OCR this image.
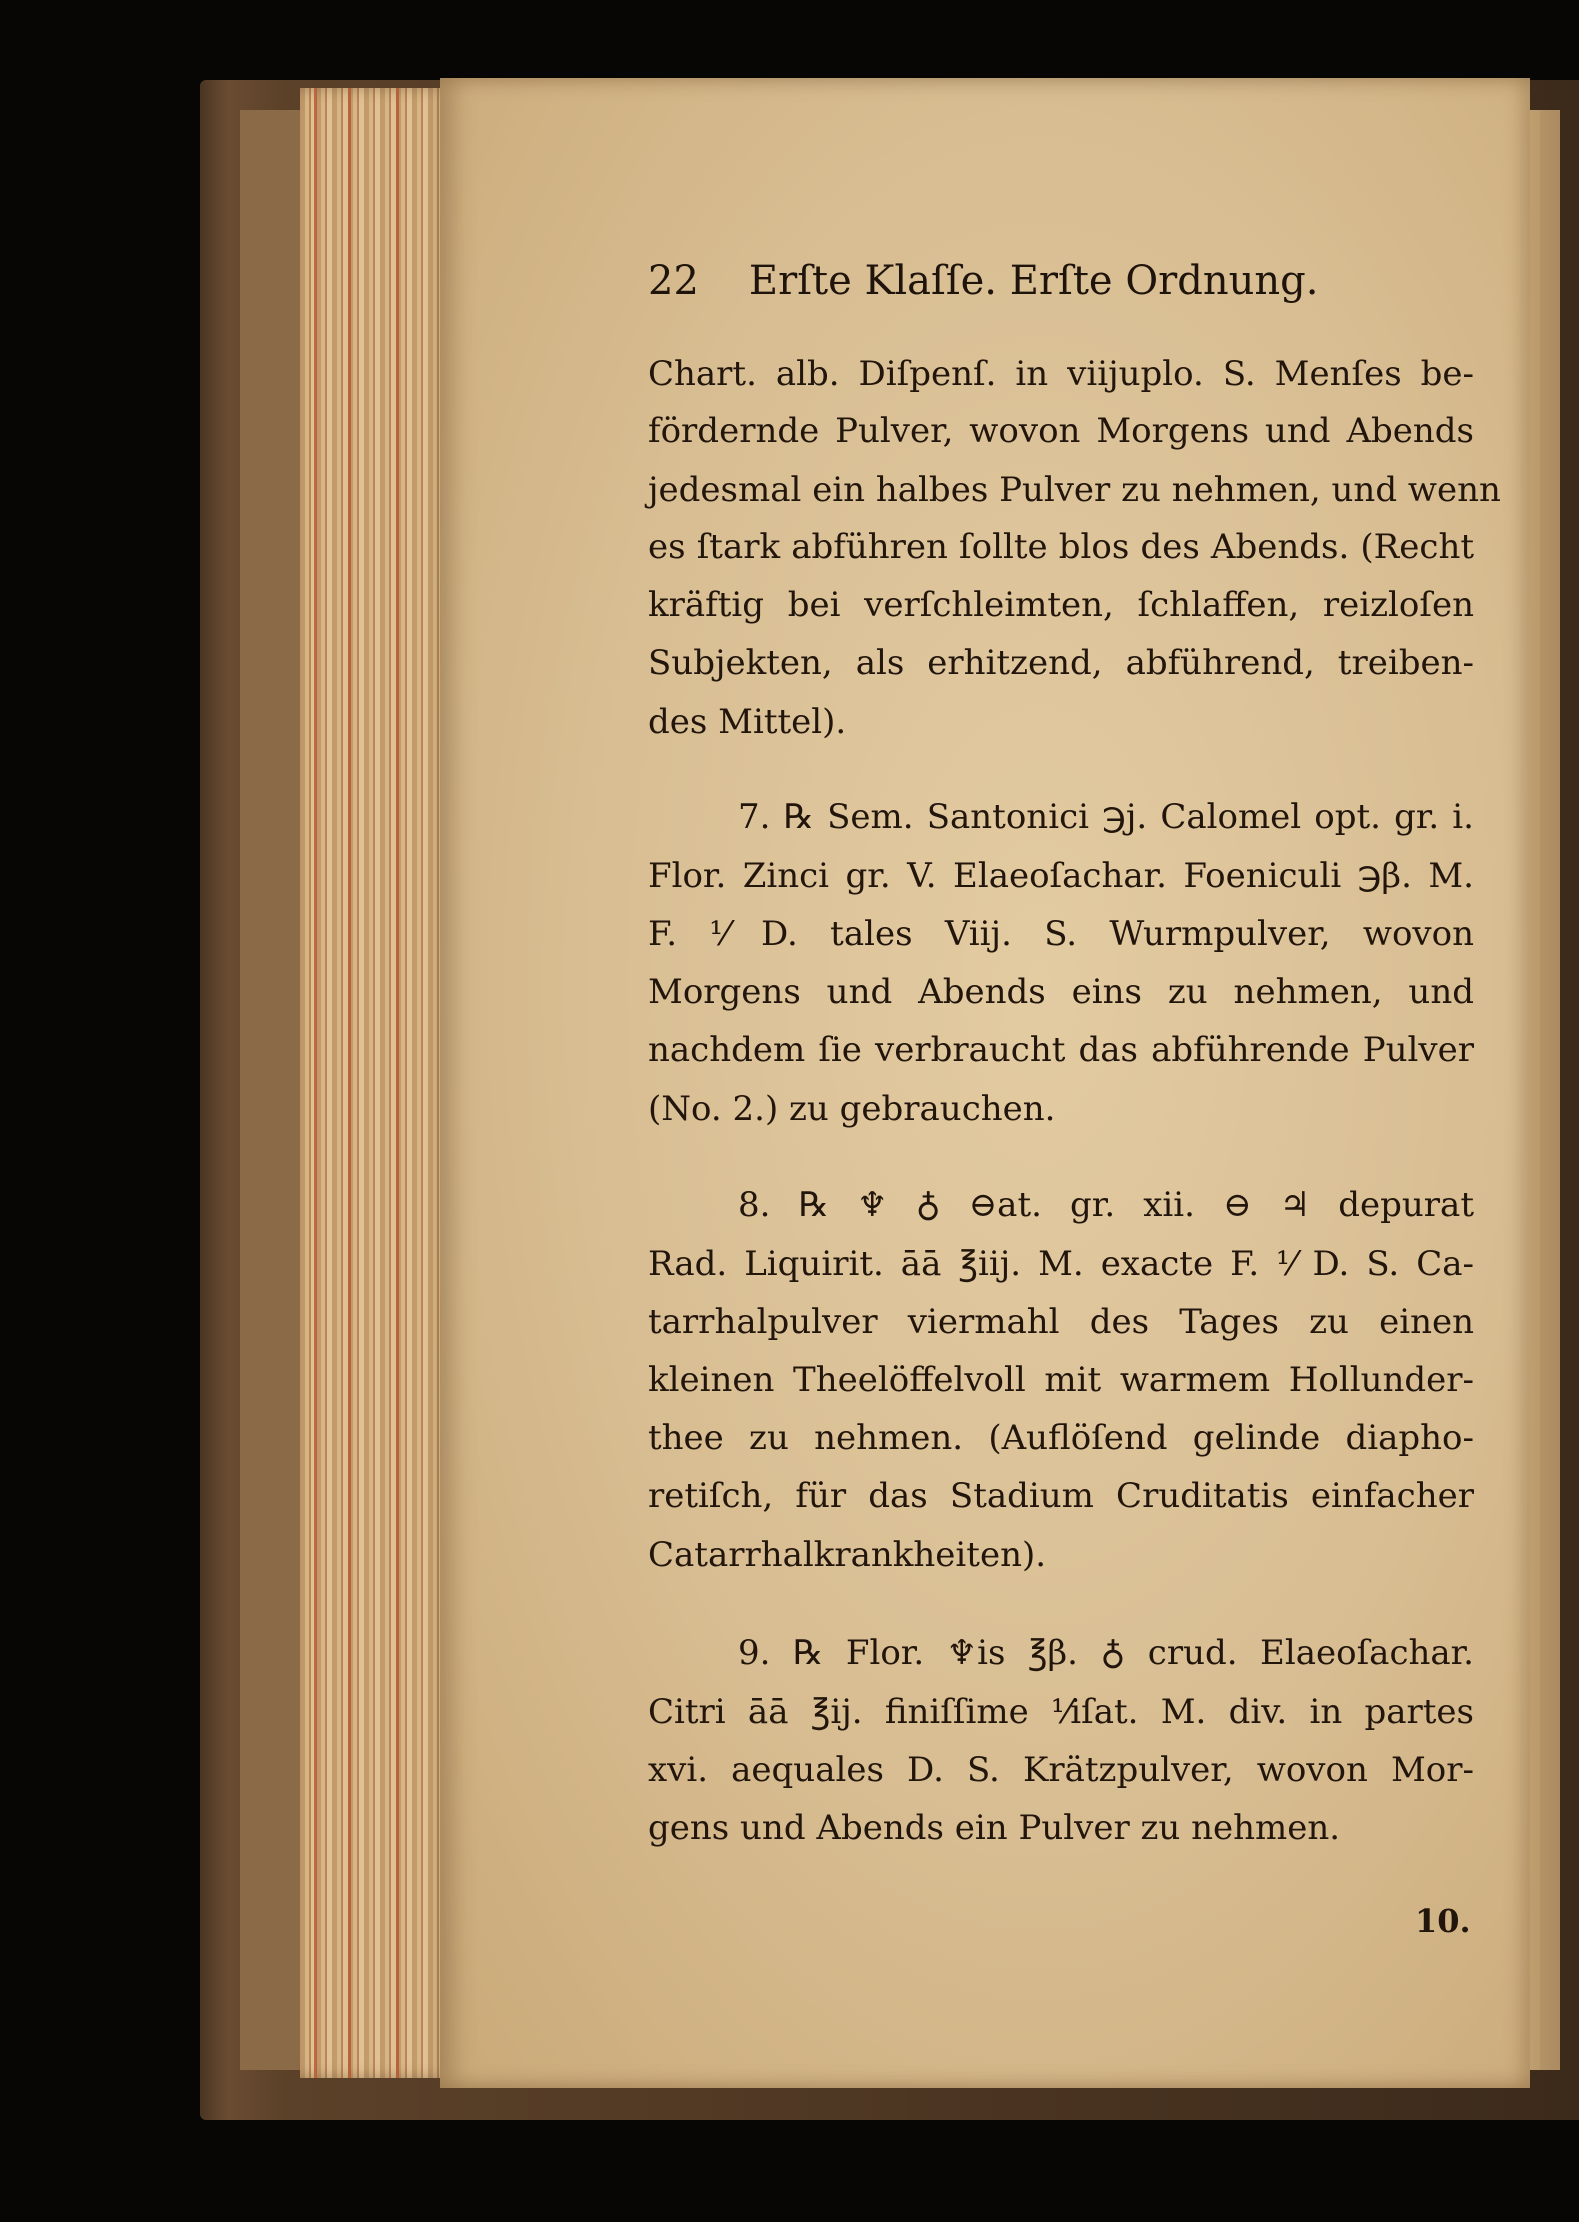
22 Erſte Klaſſe. Erſte Ordnung.
Chart. alb. Diſpenſ. in viijuplo. S. Menſes be-
fördernde Pulver, wovon Morgens und Abends
jedesmal ein halbes Pulver zu nehmen, und wenn
es ſtark abführen ſollte blos des Abends. (Recht
kräftig bei verſchleimten, ſchlaffen, reizloſen
Subjekten, als erhitzend, abführend, treiben-
des Mittel).
7. ℞ Sem. Santonici ℈j. Calomel opt. gr. i.
Flor. Zinci gr. V. Elaeoſachar. Foeniculi ℈β. M.
F. ⅟ D. tales Viij. S. Wurmpulver, wovon
Morgens und Abends eins zu nehmen, und
nachdem ſie verbraucht das abführende Pulver
(No. 2.) zu gebrauchen.
8. ℞ ♆ ♁ ⊖at. gr. xii. ⊖ ♃ depurat
Rad. Liquirit. āā ℥iij. M. exacte F. ⅟ D. S. Ca-
tarrhalpulver viermahl des Tages zu einen
kleinen Theelöffelvoll mit warmem Hollunder-
thee zu nehmen. (Auflöſend gelinde diapho-
retiſch, für das Stadium Cruditatis einfacher
Catarrhalkrankheiten).
9. ℞ Flor. ♆is ℥β. ♁ crud. Elaeoſachar.
Citri āā ℥ij. finiſſime ⅟iſat. M. div. in partes
xvi. aequales D. S. Krätzpulver, wovon Mor-
gens und Abends ein Pulver zu nehmen.
10.
